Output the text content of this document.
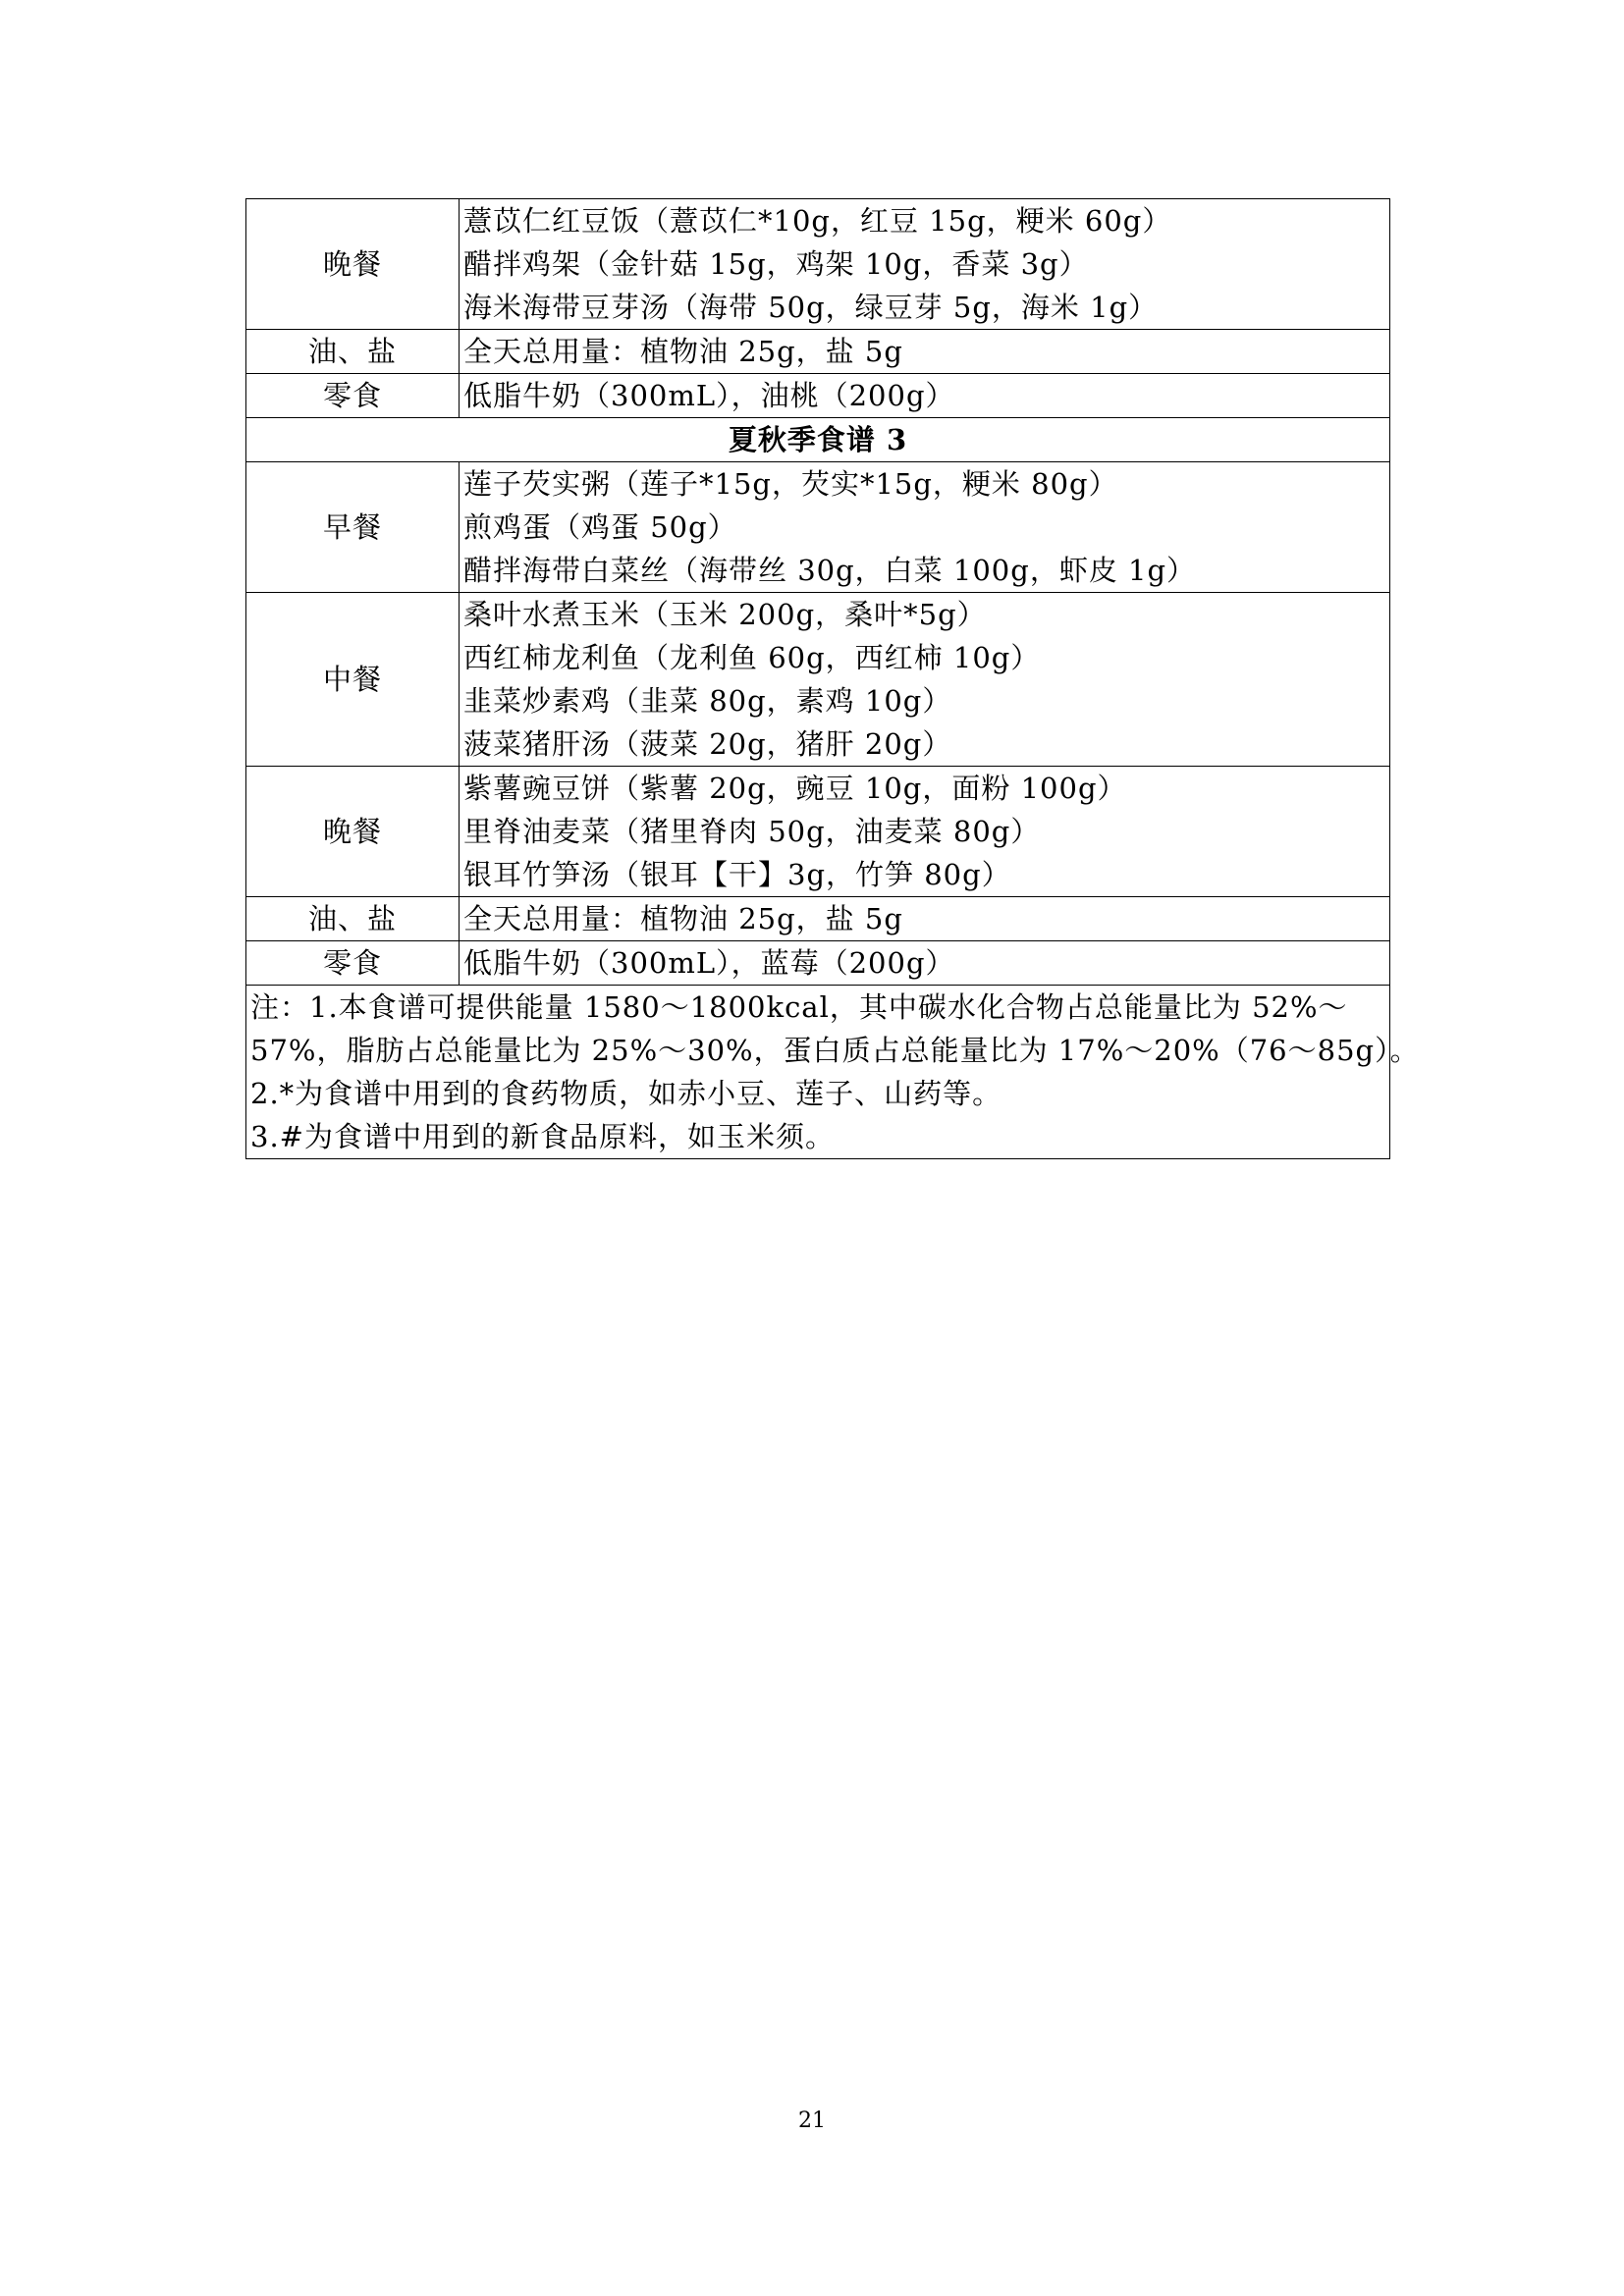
晚餐	薏苡仁红豆饭（薏苡仁*10g，红豆 15g，粳米 60g）
醋拌鸡架（金针菇 15g，鸡架 10g，香菜 3g）
海米海带豆芽汤（海带 50g，绿豆芽 5g，海米 1g）

油、盐	全天总用量：植物油 25g，盐 5g

零食	低脂牛奶（300mL），油桃（200g）

夏秋季食谱 3	
早餐	莲子芡实粥（莲子*15g，芡实*15g，粳米 80g）
煎鸡蛋（鸡蛋 50g）
醋拌海带白菜丝（海带丝 30g，白菜 100g，虾皮 1g）

中餐	桑叶水煮玉米（玉米 200g，桑叶*5g）
西红柿龙利鱼（龙利鱼 60g，西红柿 10g）
韭菜炒素鸡（韭菜 80g，素鸡 10g）
菠菜猪肝汤（菠菜 20g，猪肝 20g）

晚餐	紫薯豌豆饼（紫薯 20g，豌豆 10g，面粉 100g）
里脊油麦菜（猪里脊肉 50g，油麦菜 80g）
银耳竹笋汤（银耳【干】3g，竹笋 80g）

油、盐	全天总用量：植物油 25g，盐 5g

零食	低脂牛奶（300mL），蓝莓（200g）

注：1.本食谱可提供能量 1580～1800kcal，其中碳水化合物占总能量比为 52%～
57%，脂肪占总能量比为 25%～30%，蛋白质占总能量比为 17%～20%（76～85g）。
2.*为食谱中用到的食药物质，如赤小豆、莲子、山药等。
3.#为食谱中用到的新食品原料，如玉米须。	
21
